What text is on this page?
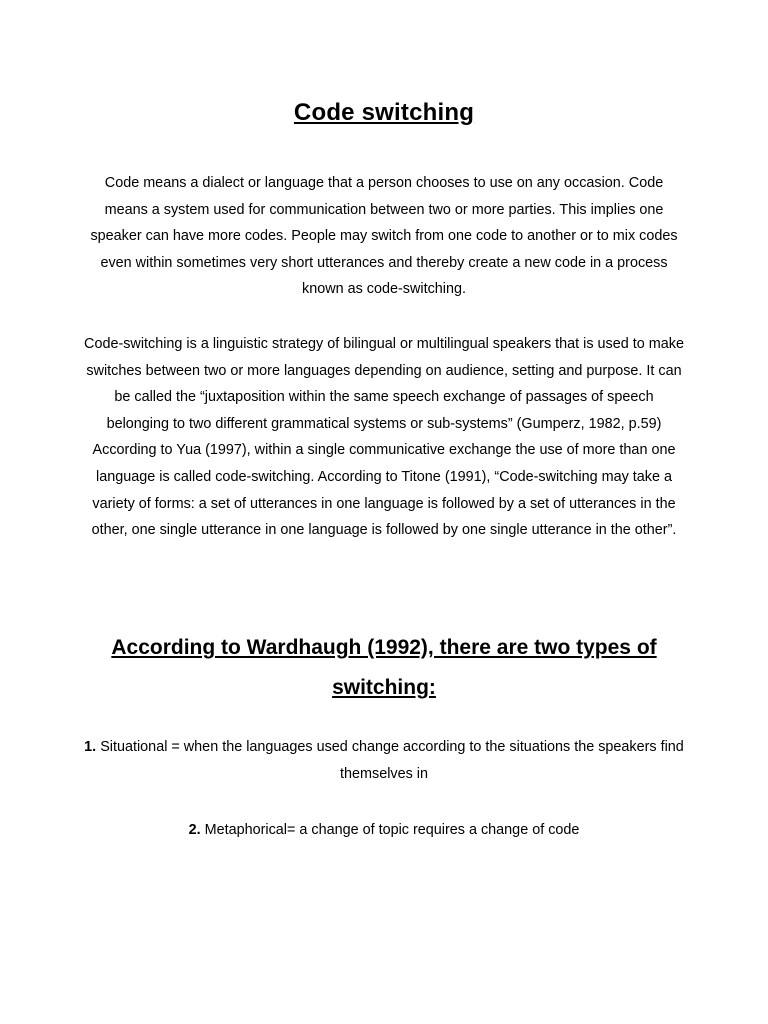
Code switching

Code means a dialect or language that a person chooses to use on any occasion. Code means a system used for communication between two or more parties. This implies one speaker can have more codes. People may switch from one code to another or to mix codes even within sometimes very short utterances and thereby create a new code in a process known as code-switching.

Code-switching is a linguistic strategy of bilingual or multilingual speakers that is used to make switches between two or more languages depending on audience, setting and purpose. It can be called the “juxtaposition within the same speech exchange of passages of speech belonging to two different grammatical systems or sub-systems” (Gumperz, 1982, p.59) According to Yua (1997), within a single communicative exchange the use of more than one language is called code-switching. According to Titone (1991), “Code-switching may take a variety of forms: a set of utterances in one language is followed by a set of utterances in the other, one single utterance in one language is followed by one single utterance in the other”.

According to Wardhaugh (1992), there are two types of switching:
1. Situational = when the languages used change according to the situations the speakers find themselves in
2. Metaphorical= a change of topic requires a change of code
